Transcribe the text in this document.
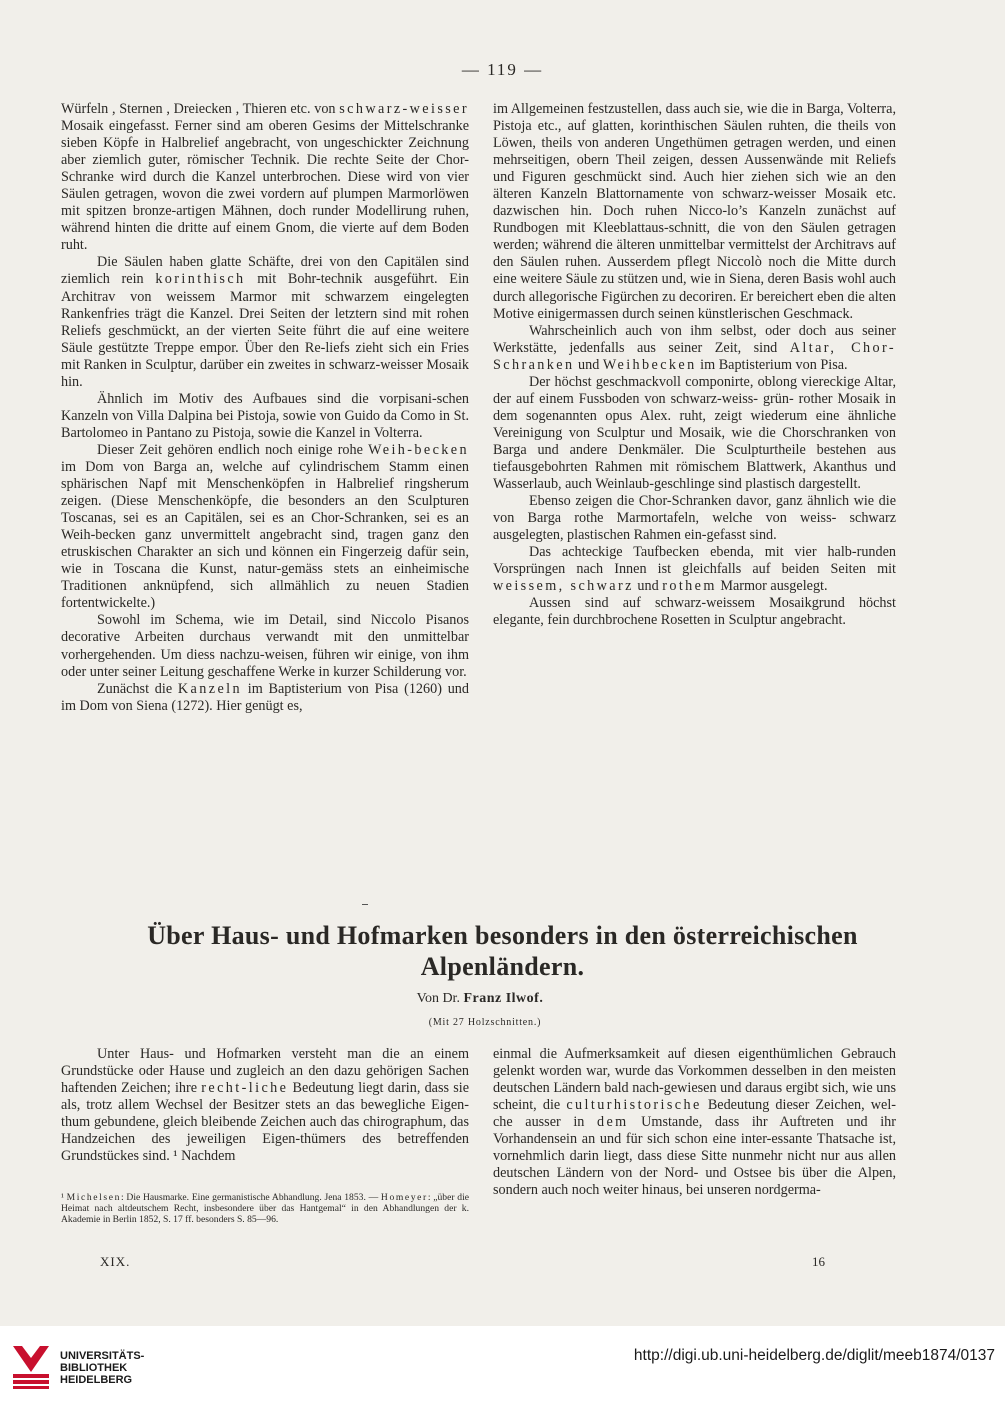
— 119 —

Würfeln , Sternen , Dreiecken , Thieren etc. von schwarz-weisser Mosaik eingefasst. Ferner sind am oberen Gesims der Mittelschranke sieben Köpfe in Halbrelief angebracht, von ungeschickter Zeichnung aber ziemlich guter, römischer Technik. Die rechte Seite der Chor-Schranke wird durch die Kanzel unterbrochen. Diese wird von vier Säulen getragen, wovon die zwei vordern auf plumpen Marmorlöwen mit spitzen bronze-artigen Mähnen, doch runder Modellirung ruhen, während hinten die dritte auf einem Gnom, die vierte auf dem Boden ruht.

Die Säulen haben glatte Schäfte, drei von den Capitälen sind ziemlich rein korinthisch mit Bohr-technik ausgeführt. Ein Architrav von weissem Marmor mit schwarzem eingelegten Rankenfries trägt die Kanzel. Drei Seiten der letztern sind mit rohen Reliefs geschmückt, an der vierten Seite führt die auf eine weitere Säule gestützte Treppe empor. Über den Re-liefs zieht sich ein Fries mit Ranken in Sculptur, darüber ein zweites in schwarz-weisser Mosaik hin.

Ähnlich im Motiv des Aufbaues sind die vorpisani-schen Kanzeln von Villa Dalpina bei Pistoja, sowie von Guido da Como in St. Bartolomeo in Pantano zu Pistoja, sowie die Kanzel in Volterra.

Dieser Zeit gehören endlich noch einige rohe Weih-becken im Dom von Barga an, welche auf cylindrischem Stamm einen sphärischen Napf mit Menschenköpfen in Halbrelief ringsherum zeigen. (Diese Menschenköpfe, die besonders an den Sculpturen Toscanas, sei es an Capitälen, sei es an Chor-Schranken, sei es an Weih-becken ganz unvermittelt angebracht sind, tragen ganz den etruskischen Charakter an sich und können ein Fingerzeig dafür sein, wie in Toscana die Kunst, natur-gemäss stets an einheimische Traditionen anknüpfend, sich allmählich zu neuen Stadien fortentwickelte.)

Sowohl im Schema, wie im Detail, sind Niccolo Pisanos decorative Arbeiten durchaus verwandt mit den unmittelbar vorhergehenden. Um diess nachzu-weisen, führen wir einige, von ihm oder unter seiner Leitung geschaffene Werke in kurzer Schilderung vor.

Zunächst die Kanzeln im Baptisterium von Pisa (1260) und im Dom von Siena (1272). Hier genügt es,

im Allgemeinen festzustellen, dass auch sie, wie die in Barga, Volterra, Pistoja etc., auf glatten, korinthischen Säulen ruhten, die theils von Löwen, theils von anderen Ungethümen getragen werden, und einen mehrseitigen, obern Theil zeigen, dessen Aussenwände mit Reliefs und Figuren geschmückt sind. Auch hier ziehen sich wie an den älteren Kanzeln Blattornamente von schwarz-weisser Mosaik etc. dazwischen hin. Doch ruhen Nicco-lo’s Kanzeln zunächst auf Rundbogen mit Kleeblattaus-schnitt, die von den Säulen getragen werden; während die älteren unmittelbar vermittelst der Architravs auf den Säulen ruhen. Ausserdem pflegt Niccolò noch die Mitte durch eine weitere Säule zu stützen und, wie in Siena, deren Basis wohl auch durch allegorische Figürchen zu decoriren. Er bereichert eben die alten Motive einigermassen durch seinen künstlerischen Geschmack.

Wahrscheinlich auch von ihm selbst, oder doch aus seiner Werkstätte, jedenfalls aus seiner Zeit, sind Altar, Chor-Schranken und Weihbecken im Baptisterium von Pisa.

Der höchst geschmackvoll componirte, oblong viereckige Altar, der auf einem Fussboden von schwarz-weiss- grün- rother Mosaik in dem sogenannten opus Alex. ruht, zeigt wiederum eine ähnliche Vereinigung von Sculptur und Mosaik, wie die Chorschranken von Barga und andere Denkmäler. Die Sculpturtheile bestehen aus tiefausgebohrten Rahmen mit römischem Blattwerk, Akanthus und Wasserlaub, auch Weinlaub-geschlinge sind plastisch dargestellt.

Ebenso zeigen die Chor-Schranken davor, ganz ähnlich wie die von Barga rothe Marmortafeln, welche von weiss- schwarz ausgelegten, plastischen Rahmen ein-gefasst sind.

Das achteckige Taufbecken ebenda, mit vier halb-runden Vorsprüngen nach Innen ist gleichfalls auf beiden Seiten mit weissem, schwarz und rothem Marmor ausgelegt.

Aussen sind auf schwarz-weissem Mosaikgrund höchst elegante, fein durchbrochene Rosetten in Sculptur angebracht.

Über Haus- und Hofmarken besonders in den österreichischen
Alpenländern.
Von Dr. Franz Ilwof.
(Mit 27 Holzschnitten.)

Unter Haus- und Hofmarken versteht man die an einem Grundstücke oder Hause und zugleich an den dazu gehörigen Sachen haftenden Zeichen; ihre recht-liche Bedeutung liegt darin, dass sie als, trotz allem Wechsel der Besitzer stets an das bewegliche Eigen-thum gebundene, gleich bleibende Zeichen auch das chirographum, das Handzeichen des jeweiligen Eigen-thümers des betreffenden Grundstückes sind. ¹ Nachdem

einmal die Aufmerksamkeit auf diesen eigenthümlichen Gebrauch gelenkt worden war, wurde das Vorkommen desselben in den meisten deutschen Ländern bald nach-gewiesen und daraus ergibt sich, wie uns scheint, die culturhistorische Bedeutung dieser Zeichen, wel-che ausser in dem Umstande, dass ihr Auftreten und ihr Vorhandensein an und für sich schon eine inter-essante Thatsache ist, vornehmlich darin liegt, dass diese Sitte nunmehr nicht nur aus allen deutschen Ländern von der Nord- und Ostsee bis über die Alpen, sondern auch noch weiter hinaus, bei unseren nordgerma-

¹ Michelsen: Die Hausmarke. Eine germanistische Abhandlung. Jena 1853. — Homeyer: „über die Heimat nach altdeutschem Recht, insbesondere über das Hantgemal“ in den Abhandlungen der k. Akademie in Berlin 1852, S. 17 ff. besonders S. 85—96.
XIX.	16
UNIVERSITÄTS-
BIBLIOTHEK
HEIDELBERG
http://digi.ub.uni-heidelberg.de/diglit/meeb1874/0137
